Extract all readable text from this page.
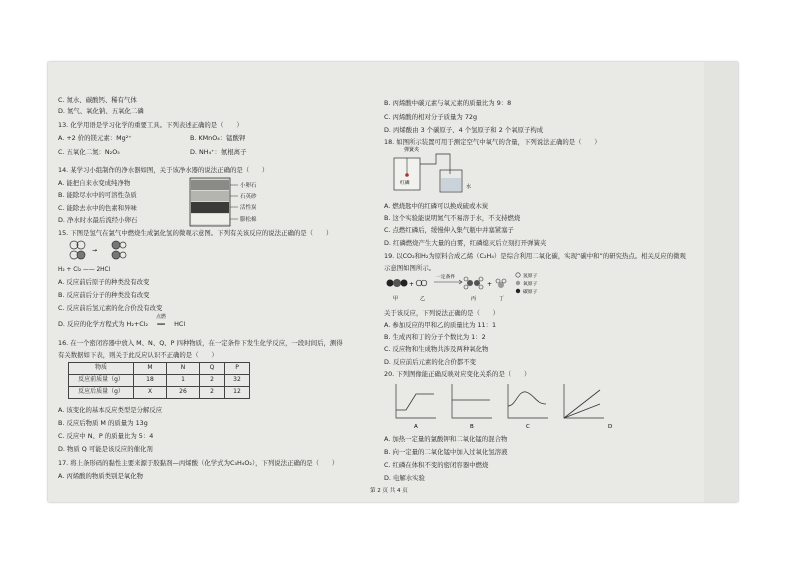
C. 氮水、碳酸钙、稀有气体
D. 氮气、氧化钠、五氧化二磷
13. 化学用语是学习化学的重要工具。下列表述正确的是（　　）
A. +2 价的镁元素：Mg²⁺	B. KMnO₄：锰酸钾
C. 五氧化二氮：N₂O₅	D. NH₄⁺：氨根离子
14. 某学习小组制作的净水器如图，关于该净水器的说法正确的是（　　）
A. 能把自来水变成纯净物
B. 能除尽水中的可溶性杂质
C. 能除去水中的色素和异味
D. 净水时水最后流经小卵石
小卵石
石英砂
活性炭
膨松棉
15. 下图是氢气在氯气中燃烧生成氯化氢的微观示意图。下列有关该反应的说法正确的是（　　）
→
H₂ + Cl₂ —— 2HCl
A. 反应前后原子的种类没有改变
B. 反应前后分子的种类没有改变
C. 反应前后氢元素的化合价没有改变
D. 反应的化学方程式为 H₂+Cl₂
点燃
══ HCl
16. 在一个密闭容器中放入 M、N、Q、P 四种物质，在一定条件下发生化学反应，一段时间后，测得
有关数据如下表，则关于此反应认识不正确的是（　　）
物质	M	N	Q	P
反应前质量（g）	18	1	2	32
反应后质量（g）	X	26	2	12
A. 该变化的基本反应类型是分解反应
B. 反应后物质 M 的质量为 13g
C. 反应中 N、P 的质量比为 5：4
D. 物质 Q 可能是该反应的催化剂
17. 将上条形码的黏性主要来源于胶黏剂—丙烯酸（化学式为C₃H₄O₂），下列说法正确的是（　　）
A. 丙烯酸的物质类别是氧化物
B. 丙烯酸中碳元素与氧元素的质量比为 9：8
C. 丙烯酸的相对分子质量为 72g
D. 丙烯酸由 3 个碳原子、4 个氢原子和 2 个氧原子构成
18. 如图所示装置可用于测定空气中氧气的含量，下列说法正确的是（　　）
弹簧夹
红磷
水
A. 燃烧匙中的红磷可以换成硫或木炭
B. 这个实验能说明氮气不易溶于水，不支持燃烧
C. 点燃红磷后，缓慢伸入集气瓶中并塞紧塞子
D. 红磷燃烧产生大量的白雾，红磷熄灭后立刻打开弹簧夹
19. 以CO₂和H₂为原料合成乙烯（C₂H₄）是综合利用二氧化碳，实现“碳中和”的研究热点。相关反应的微观
示意图如图所示。
+
一定条件
+
甲	乙	丙	丁
氢原子
氧原子
碳原子
关于该反应，下列说法正确的是（　　）
A. 参加反应的甲和乙的质量比为 11：1
B. 生成丙和丁的分子个数比为 1：2
C. 反应物和生成物共涉及两种氧化物
D. 反应前后元素的化合价都不变
20. 下列图像能正确反映对应变化关系的是（　　）
A	B	C	D
A. 加热一定量的氯酸钾和二氧化锰的混合物
B. 向一定量的二氧化锰中加入过氧化氢溶液
C. 红磷在体积不变的密闭容器中燃烧
D. 电解水实验
第 2 页 共 4 页
